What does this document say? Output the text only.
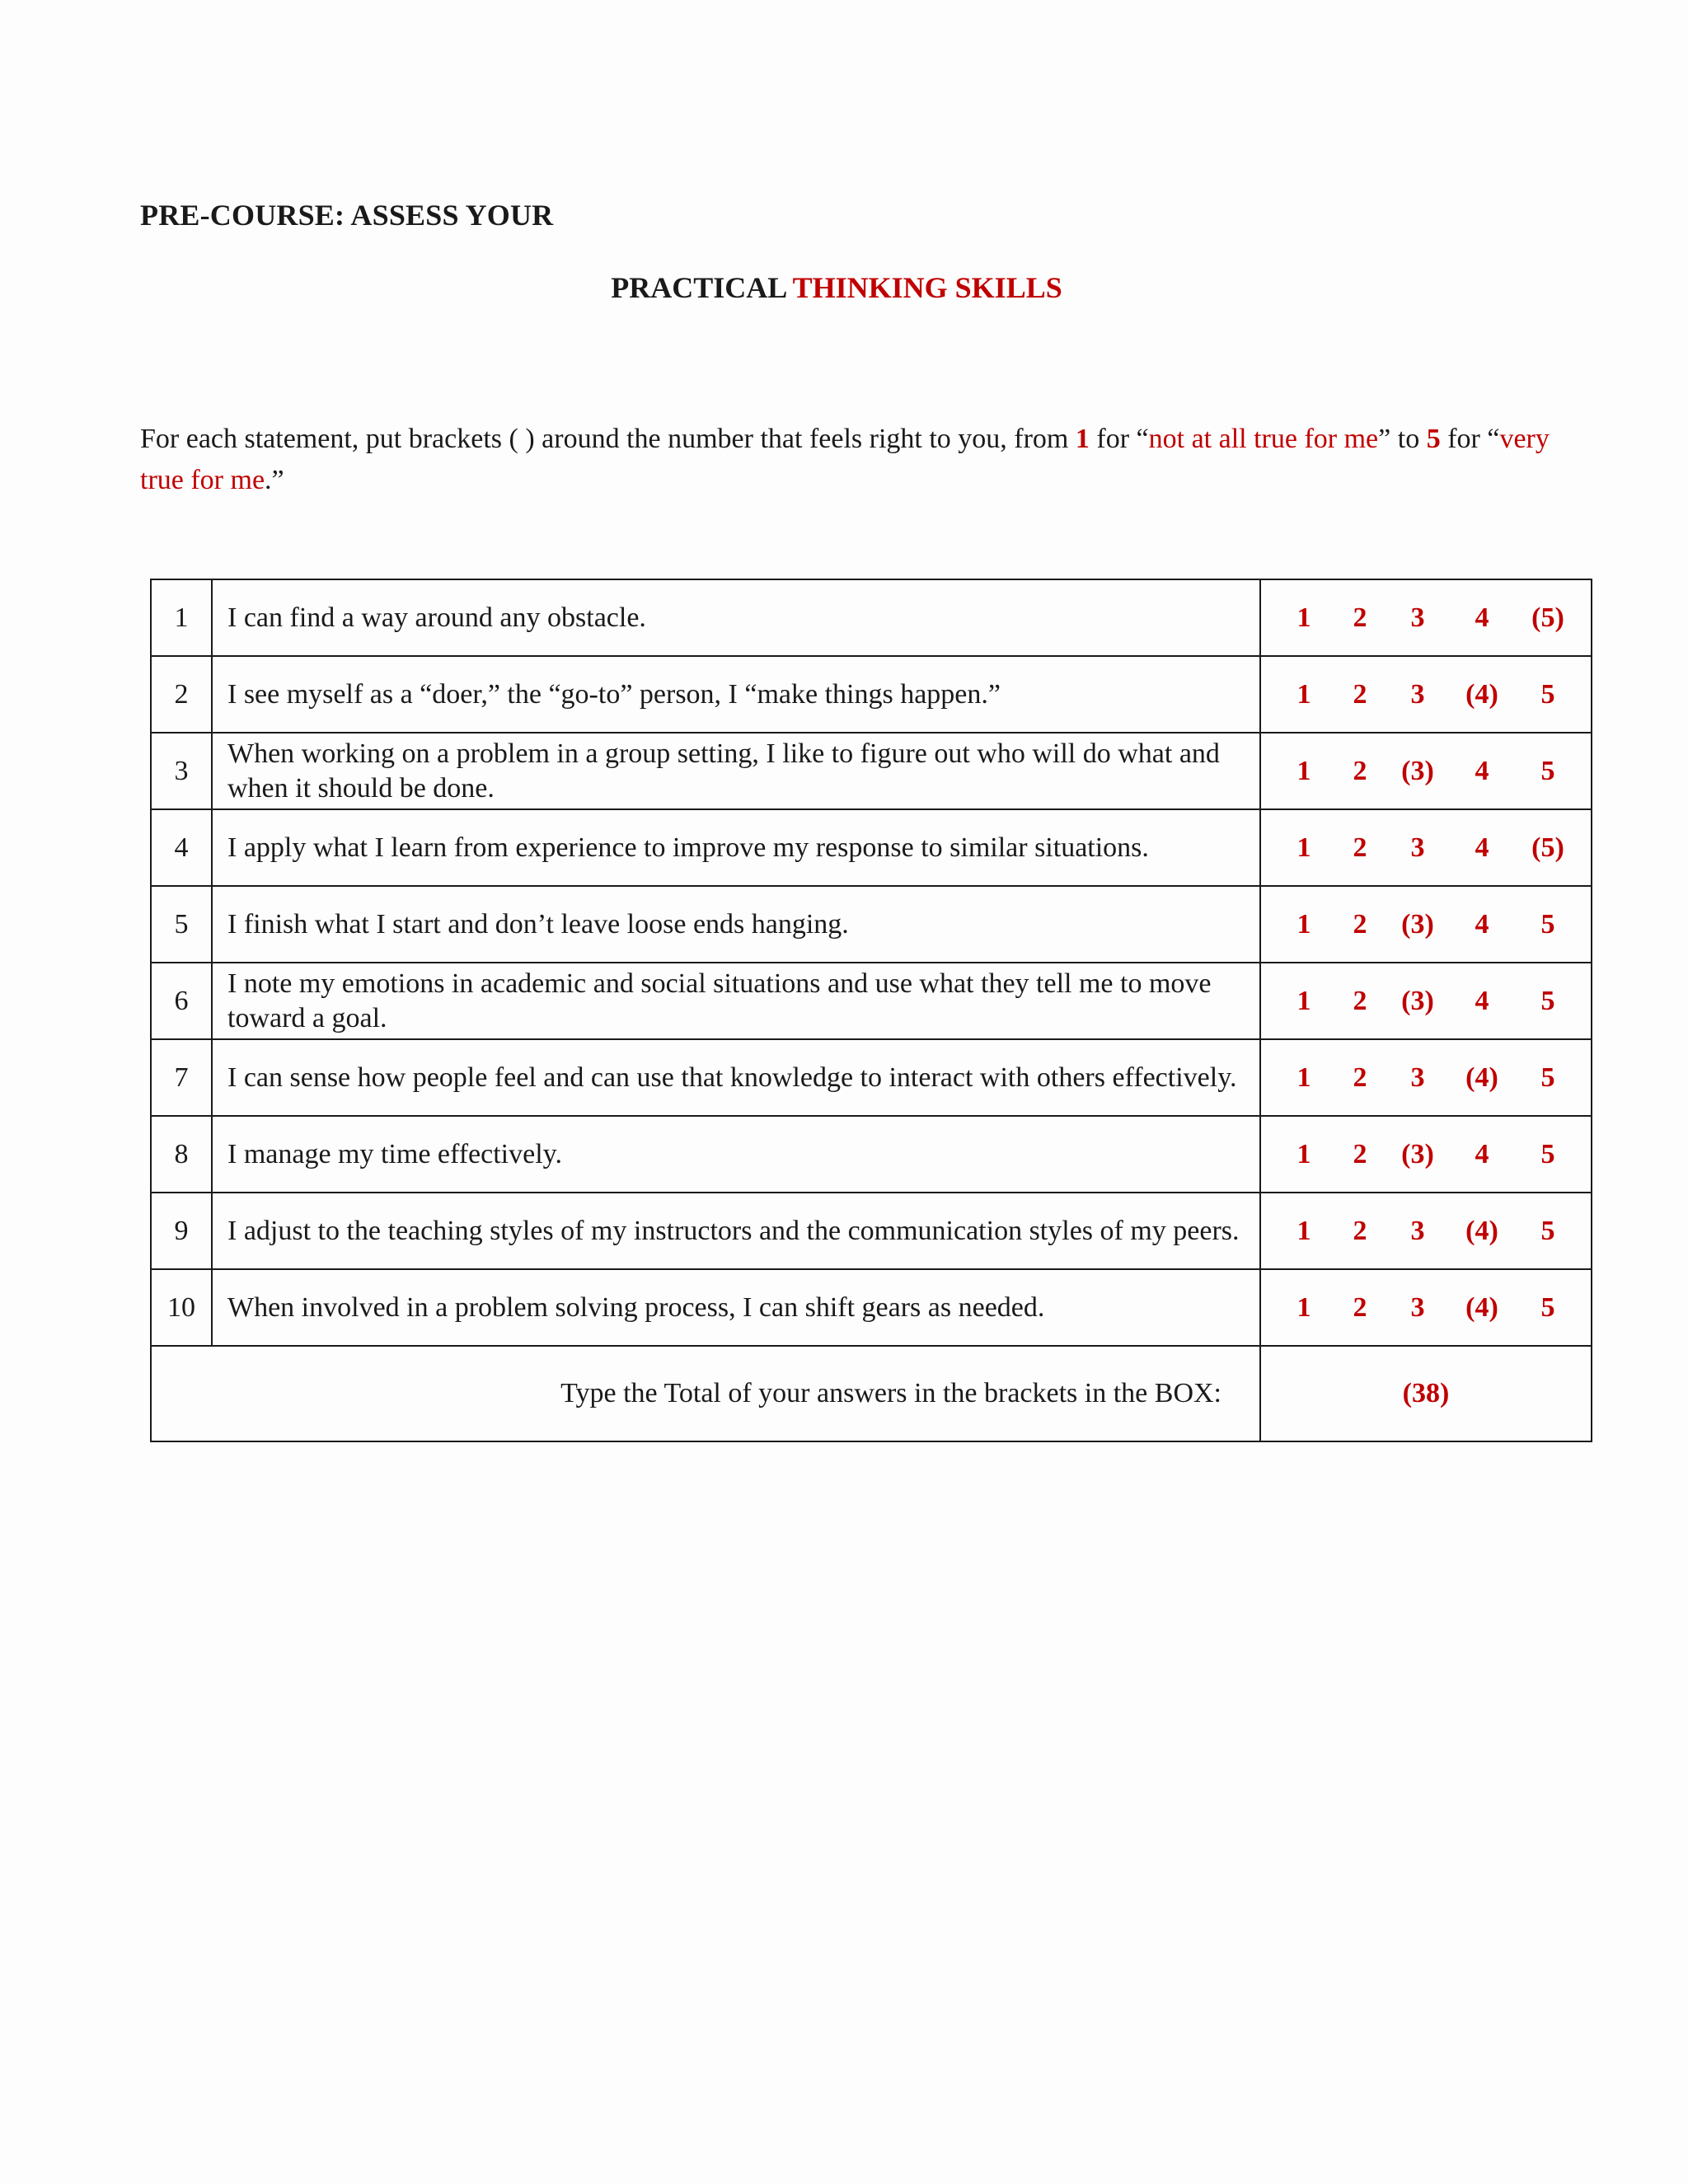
PRE-COURSE: ASSESS YOUR
PRACTICAL THINKING SKILLS
For each statement, put brackets ( ) around the number that feels right to you, from 1 for “not at all true for me” to 5 for “very true for me.”
1	I can find a way around any obstacle.	1 2 3 4 (5)

2	I see myself as a “doer,” the “go-to” person, I “make things happen.”	1 2 3 (4) 5

3	When working on a problem in a group setting, I like to figure out who will do what and when it should be done.	1 2 (3) 4 5

4	I apply what I learn from experience to improve my response to similar situations.	1 2 3 4 (5)

5	I finish what I start and don’t leave loose ends hanging.	1 2 (3) 4 5

6	I note my emotions in academic and social situations and use what they tell me to move toward a goal.	1 2 (3) 4 5

7	I can sense how people feel and can use that knowledge to interact with others effectively.	1 2 3 (4) 5

8	I manage my time effectively.	1 2 (3) 4 5

9	I adjust to the teaching styles of my instructors and the communication styles of my peers.	1 2 3 (4) 5

10	When involved in a problem solving process, I can shift gears as needed.	1 2 3 (4) 5

Type the Total of your answers in the brackets in the BOX:		(38)
